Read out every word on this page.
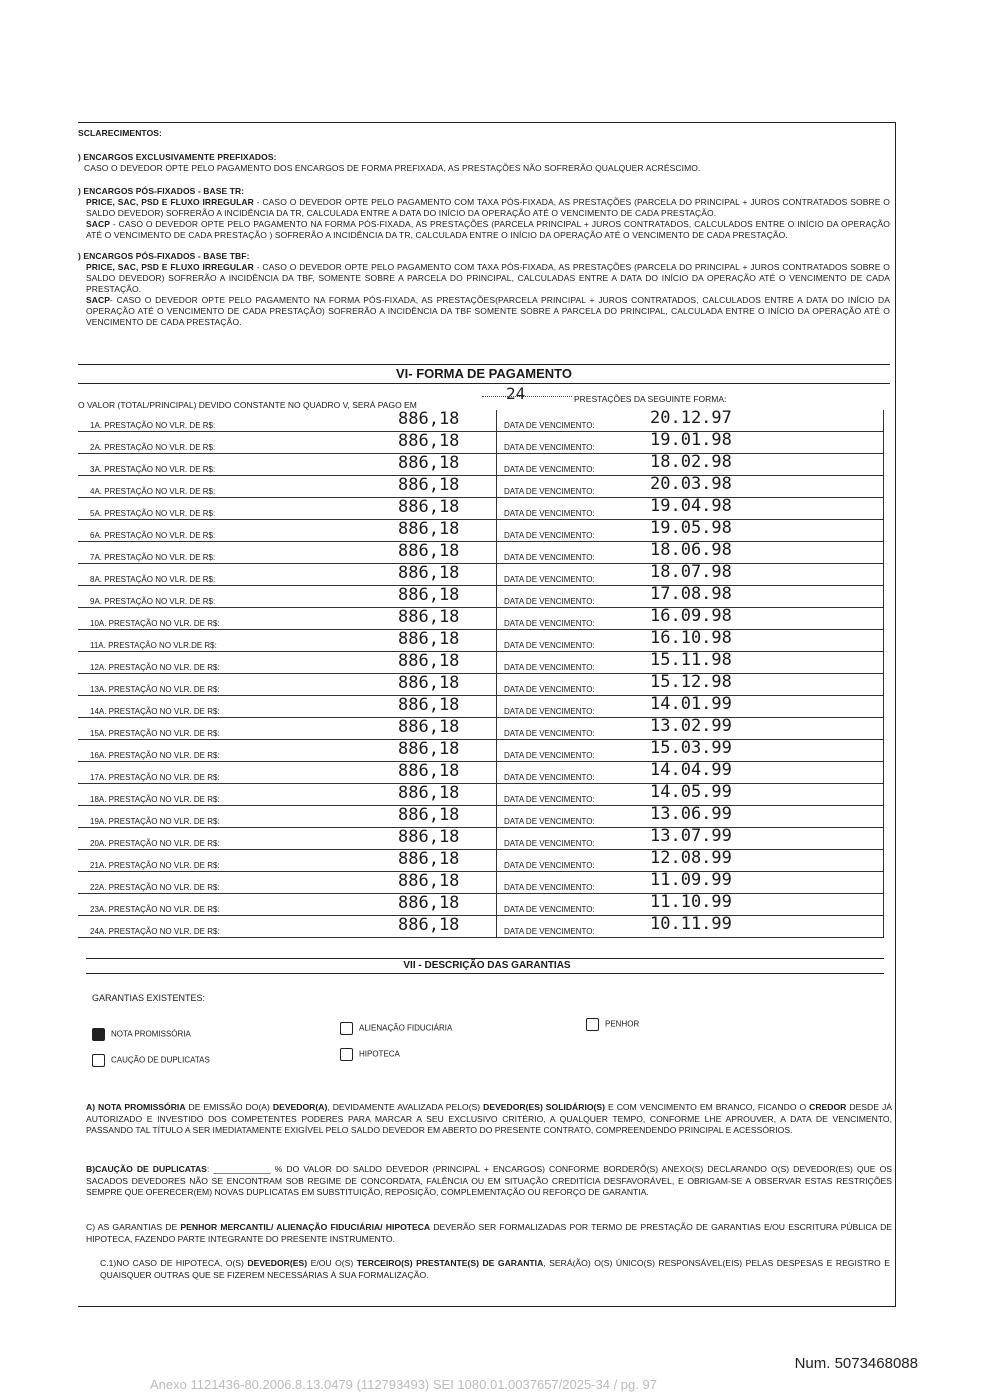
SCLARECIMENTOS:
) ENCARGOS EXCLUSIVAMENTE PREFIXADOS:
CASO O DEVEDOR OPTE PELO PAGAMENTO DOS ENCARGOS DE FORMA PREFIXADA, AS PRESTAÇÕES NÃO SOFRERÃO QUALQUER ACRÉSCIMO.
) ENCARGOS PÓS-FIXADOS - BASE TR:
PRICE, SAC, PSD E FLUXO IRREGULAR - CASO O DEVEDOR OPTE PELO PAGAMENTO COM TAXA PÓS-FIXADA, AS PRESTAÇÕES (PARCELA DO PRINCIPAL + JUROS CONTRATADOS SOBRE O SALDO DEVEDOR) SOFRERÃO A INCIDÊNCIA DA TR, CALCULADA ENTRE A DATA DO INÍCIO DA OPERAÇÃO ATÉ O VENCIMENTO DE CADA PRESTAÇÃO.
SACP - CASO O DEVEDOR OPTE PELO PAGAMENTO NA FORMA PÓS-FIXADA, AS PRESTAÇÕES (PARCELA PRINCIPAL + JUROS CONTRATADOS, CALCULADOS ENTRE O INÍCIO DA OPERAÇÃO ATÉ O VENCIMENTO DE CADA PRESTAÇÃO ) SOFRERÃO A INCIDÊNCIA DA TR, CALCULADA ENTRE O INÍCIO DA OPERAÇÃO ATÉ O VENCIMENTO DE CADA PRESTAÇÃO.
) ENCARGOS PÓS-FIXADOS - BASE TBF:
PRICE, SAC, PSD E FLUXO IRREGULAR - CASO O DEVEDOR OPTE PELO PAGAMENTO COM TAXA PÓS-FIXADA, AS PRESTAÇÕES (PARCELA DO PRINCIPAL + JUROS CONTRATADOS SOBRE O SALDO DEVEDOR) SOFRERÃO A INCIDÊNCIA DA TBF, SOMENTE SOBRE A PARCELA DO PRINCIPAL, CALCULADAS ENTRE A DATA DO INÍCIO DA OPERAÇÃO ATÉ O VENCIMENTO DE CADA PRESTAÇÃO.
SACP- CASO O DEVEDOR OPTE PELO PAGAMENTO NA FORMA PÓS-FIXADA, AS PRESTAÇÕES(PARCELA PRINCIPAL + JUROS CONTRATADOS, CALCULADOS ENTRE A DATA DO INÍCIO DA OPERAÇÃO ATÉ O VENCIMENTO DE CADA PRESTAÇÃO) SOFRERÃO A INCIDÊNCIA DA TBF SOMENTE SOBRE A PARCELA DO PRINCIPAL, CALCULADA ENTRE O INÍCIO DA OPERAÇÃO ATÉ O VENCIMENTO DE CADA PRESTAÇÃO.
VI- FORMA DE PAGAMENTO
O VALOR (TOTAL/PRINCIPAL) DEVIDO CONSTANTE NO QUADRO V, SERÁ PAGO EM
24	PRESTAÇÕES DA SEGUINTE FORMA:
1A. PRESTAÇÃO NO VLR. DE R$:	886,18	DATA DE VENCIMENTO:	20.12.97
2A. PRESTAÇÃO NO VLR. DE R$:	886,18	DATA DE VENCIMENTO:	19.01.98
3A. PRESTAÇÃO NO VLR. DE R$:	886,18	DATA DE VENCIMENTO:	18.02.98
4A. PRESTAÇÃO NO VLR. DE R$:	886,18	DATA DE VENCIMENTO:	20.03.98
5A. PRESTAÇÃO NO VLR. DE R$:	886,18	DATA DE VENCIMENTO:	19.04.98
6A. PRESTAÇÃO NO VLR. DE R$:	886,18	DATA DE VENCIMENTO:	19.05.98
7A. PRESTAÇÃO NO VLR. DE R$:	886,18	DATA DE VENCIMENTO:	18.06.98
8A. PRESTAÇÃO NO VLR. DE R$:	886,18	DATA DE VENCIMENTO:	18.07.98
9A. PRESTAÇÃO NO VLR. DE R$:	886,18	DATA DE VENCIMENTO:	17.08.98
10A. PRESTAÇÃO NO VLR. DE R$:	886,18	DATA DE VENCIMENTO:	16.09.98
11A. PRESTAÇÃO NO VLR.DE R$:	886,18	DATA DE VENCIMENTO:	16.10.98
12A. PRESTAÇÃO NO VLR. DE R$:	886,18	DATA DE VENCIMENTO:	15.11.98
13A. PRESTAÇÃO NO VLR. DE R$:	886,18	DATA DE VENCIMENTO:	15.12.98
14A. PRESTAÇÃO NO VLR. DE R$:	886,18	DATA DE VENCIMENTO:	14.01.99
15A. PRESTAÇÃO NO VLR. DE R$:	886,18	DATA DE VENCIMENTO:	13.02.99
16A. PRESTAÇÃO NO VLR. DE R$:	886,18	DATA DE VENCIMENTO:	15.03.99
17A. PRESTAÇÃO NO VLR. DE R$:	886,18	DATA DE VENCIMENTO:	14.04.99
18A. PRESTAÇÃO NO VLR. DE R$:	886,18	DATA DE VENCIMENTO:	14.05.99
19A. PRESTAÇÃO NO VLR. DE R$:	886,18	DATA DE VENCIMENTO:	13.06.99
20A. PRESTAÇÃO NO VLR. DE R$:	886,18	DATA DE VENCIMENTO:	13.07.99
21A. PRESTAÇÃO NO VLR. DE R$:	886,18	DATA DE VENCIMENTO:	12.08.99
22A. PRESTAÇÃO NO VLR. DE R$:	886,18	DATA DE VENCIMENTO:	11.09.99
23A. PRESTAÇÃO NO VLR. DE R$:	886,18	DATA DE VENCIMENTO:	11.10.99
24A. PRESTAÇÃO NO VLR. DE R$:	886,18	DATA DE VENCIMENTO:	10.11.99
VII - DESCRIÇÃO DAS GARANTIAS
GARANTIAS EXISTENTES:
NOTA PROMISSÓRIA
ALIENAÇÃO FIDUCIÁRIA	PENHOR
CAUÇÃO DE DUPLICATAS
HIPOTECA
A) NOTA PROMISSÓRIA DE EMISSÃO DO(A) DEVEDOR(A), DEVIDAMENTE AVALIZADA PELO(S) DEVEDOR(ES) SOLIDÁRIO(S) E COM VENCIMENTO EM BRANCO, FICANDO O CREDOR DESDE JÁ AUTORIZADO E INVESTIDO DOS COMPETENTES PODERES PARA MARCAR A SEU EXCLUSIVO CRITÉRIO, A QUALQUER TEMPO, CONFORME LHE APROUVER, A DATA DE VENCIMENTO, PASSANDO TAL TÍTULO A SER IMEDIATAMENTE EXIGÍVEL PELO SALDO DEVEDOR EM ABERTO DO PRESENTE CONTRATO, COMPREENDENDO PRINCIPAL E ACESSÓRIOS.
B)CAUÇÃO DE DUPLICATAS: ____________ % DO VALOR DO SALDO DEVEDOR (PRINCIPAL + ENCARGOS) CONFORME BORDERÔ(S) ANEXO(S) DECLARANDO O(S) DEVEDOR(ES) QUE OS SACADOS DEVEDORES NÃO SE ENCONTRAM SOB REGIME DE CONCORDATA, FALÊNCIA OU EM SITUAÇÃO CREDITÍCIA DESFAVORÁVEL, E OBRIGAM-SE A OBSERVAR ESTAS RESTRIÇÕES SEMPRE QUE OFERECER(EM) NOVAS DUPLICATAS EM SUBSTITUIÇÃO, REPOSIÇÃO, COMPLEMENTAÇÃO OU REFORÇO DE GARANTIA.
C) AS GARANTIAS DE PENHOR MERCANTIL/ ALIENAÇÃO FIDUCIÁRIA/ HIPOTECA DEVERÃO SER FORMALIZADAS POR TERMO DE PRESTAÇÃO DE GARANTIAS E/OU ESCRITURA PÚBLICA DE HIPOTECA, FAZENDO PARTE INTEGRANTE DO PRESENTE INSTRUMENTO.
C.1)NO CASO DE HIPOTECA, O(S) DEVEDOR(ES) E/OU O(S) TERCEIRO(S) PRESTANTE(S) DE GARANTIA, SERÁ(ÃO) O(S) ÚNICO(S) RESPONSÁVEL(EIS) PELAS DESPESAS E REGISTRO E QUAISQUER OUTRAS QUE SE FIZEREM NECESSÁRIAS À SUA FORMALIZAÇÃO.
Num. 5073468088
Anexo 1121436-80.2006.8.13.0479 (112793493) SEI 1080.01.0037657/2025-34 / pg. 97
